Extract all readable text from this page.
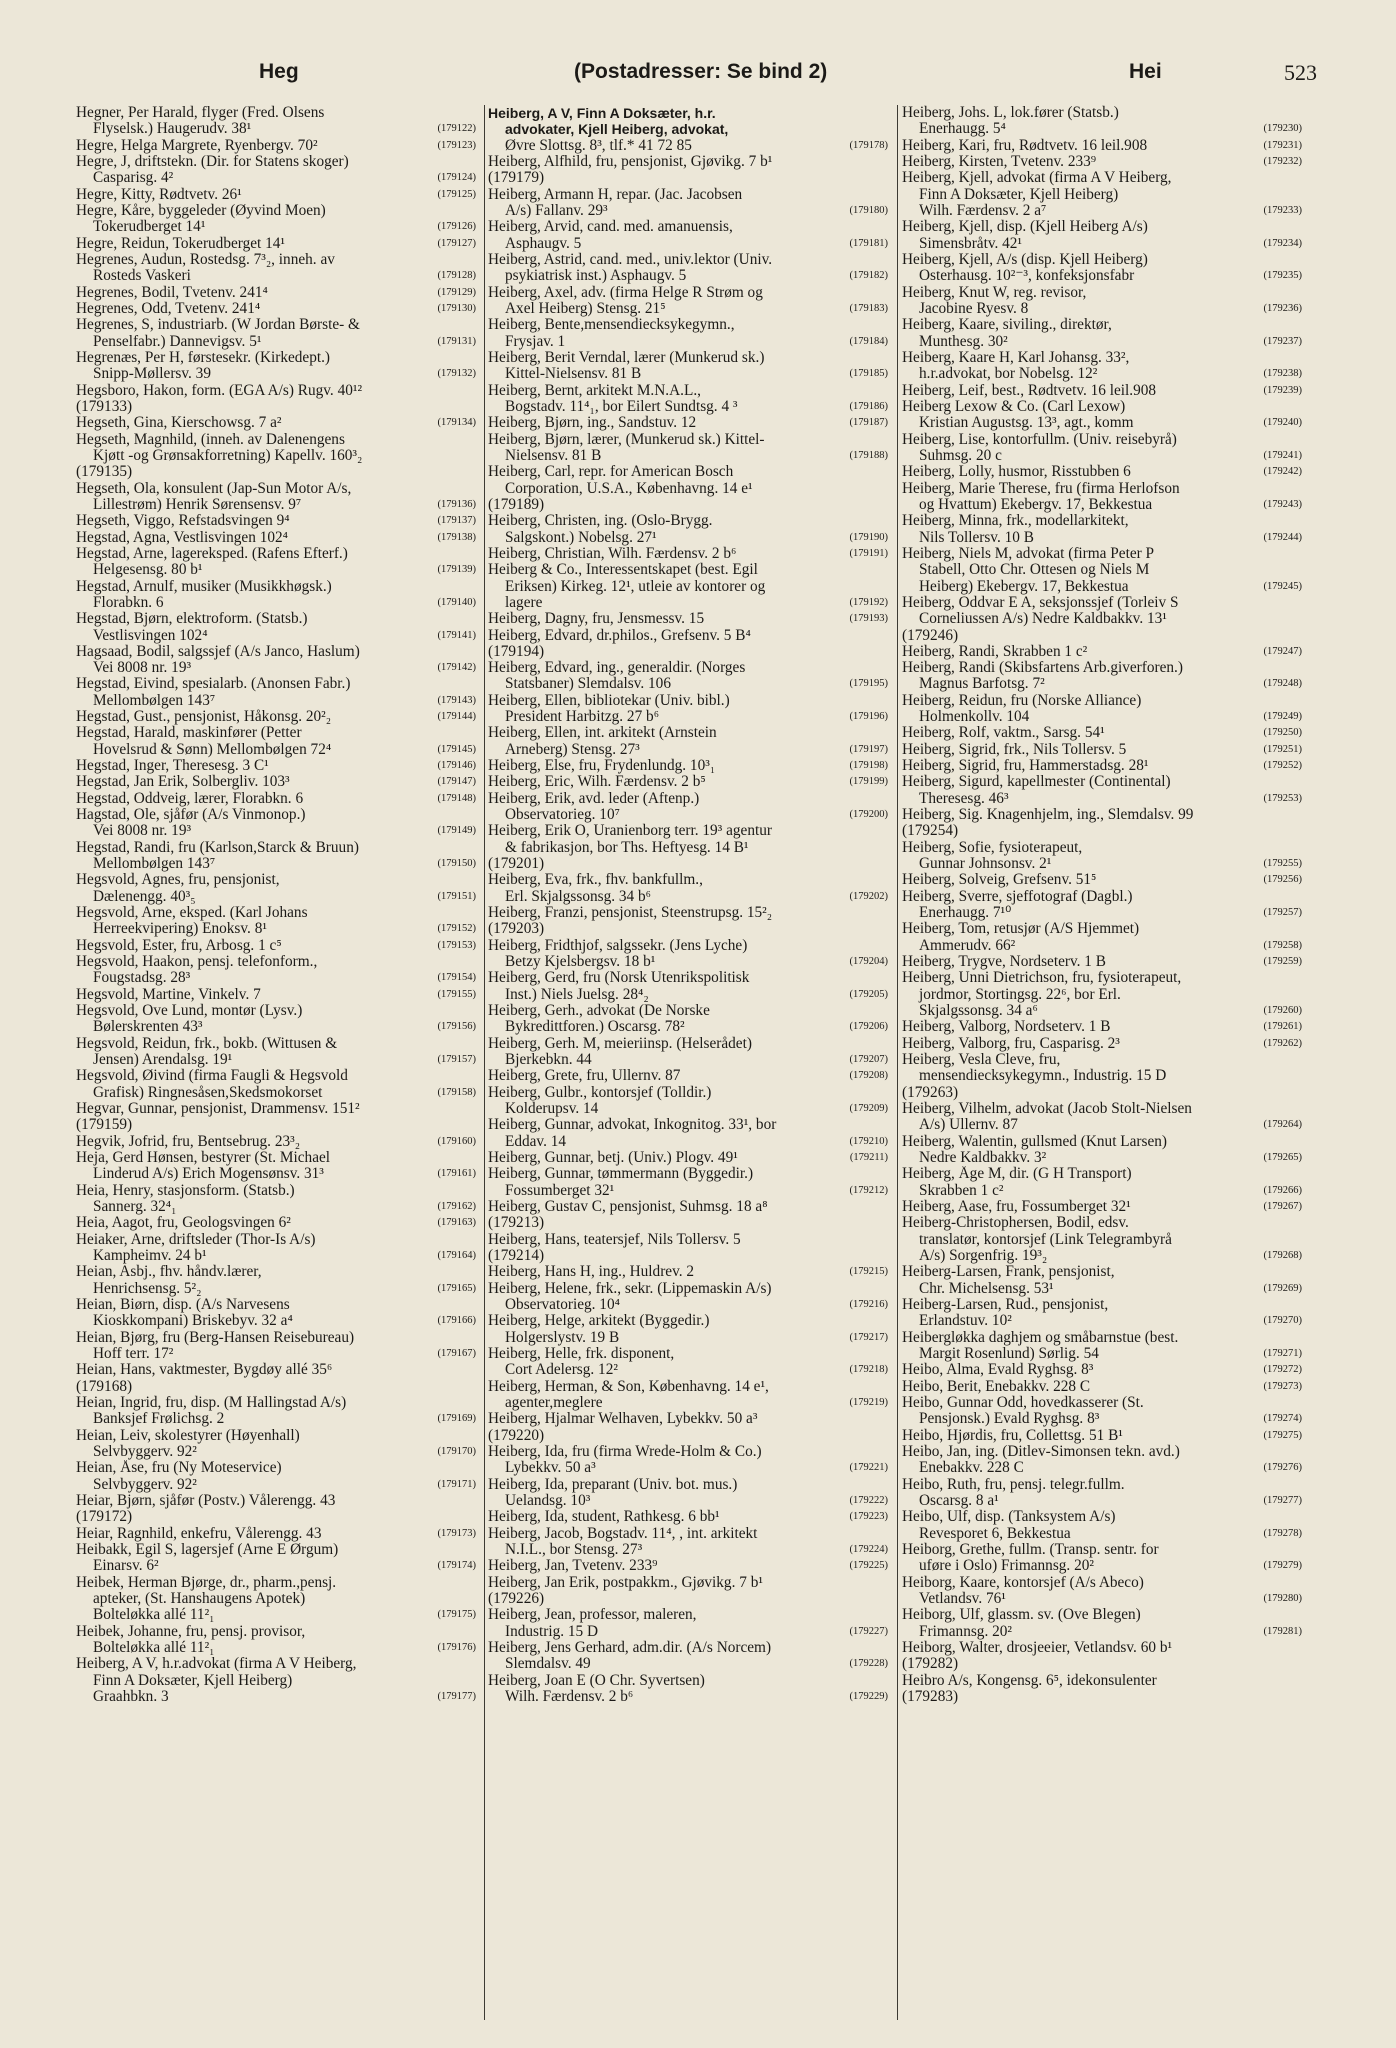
Heg	(Postadresser: Se bind 2)	Hei	523
Hegner, Per Harald, flyger (Fred. Olsens
Flyselsk.) Haugerudv. 38¹	(179122)
Hegre, Helga Margrete, Ryenbergv. 70²	(179123)
Hegre, J, driftstekn. (Dir. for Statens skoger)
Casparisg. 4²	(179124)
Hegre, Kitty, Rødtvetv. 26¹	(179125)
Hegre, Kåre, byggeleder (Øyvind Moen)
Tokerudberget 14¹	(179126)
Hegre, Reidun, Tokerudberget 14¹	(179127)
Hegrenes, Audun, Rostedsg. 7³₂, inneh. av
Rosteds Vaskeri	(179128)
Hegrenes, Bodil, Tvetenv. 241⁴	(179129)
Hegrenes, Odd, Tvetenv. 241⁴	(179130)
Hegrenes, S, industriarb. (W Jordan Børste- &
Penselfabr.) Dannevigsv. 5¹	(179131)
Hegrenæs, Per H, førstesekr. (Kirkedept.)
Snipp-Møllersv. 39	(179132)
Hegsboro, Hakon, form. (EGA A/s) Rugv. 40¹²
(179133)
Hegseth, Gina, Kierschowsg. 7 a²	(179134)
Hegseth, Magnhild, (inneh. av Dalenengens
Kjøtt -og Grønsakforretning) Kapellv. 160³₂
(179135)
Hegseth, Ola, konsulent (Jap-Sun Motor A/s,
Lillestrøm) Henrik Sørensensv. 9⁷	(179136)
Hegseth, Viggo, Refstadsvingen 9⁴	(179137)
Hegstad, Agna, Vestlisvingen 102⁴	(179138)
Hegstad, Arne, lagereksped. (Rafens Efterf.)
Helgesensg. 80 b¹	(179139)
Hegstad, Arnulf, musiker (Musikkhøgsk.)
Florabkn. 6	(179140)
Hegstad, Bjørn, elektroform. (Statsb.)
Vestlisvingen 102⁴	(179141)
Hagsaad, Bodil, salgssjef (A/s Janco, Haslum)
Vei 8008 nr. 19³	(179142)
Hegstad, Eivind, spesialarb. (Anonsen Fabr.)
Mellombølgen 143⁷	(179143)
Hegstad, Gust., pensjonist, Håkonsg. 20²₂	(179144)
Hegstad, Harald, maskinfører (Petter
Hovelsrud & Sønn) Mellombølgen 72⁴	(179145)
Hegstad, Inger, Theresesg. 3 C¹	(179146)
Hegstad, Jan Erik, Solbergliv. 103³	(179147)
Hegstad, Oddveig, lærer, Florabkn. 6	(179148)
Hagstad, Ole, sjåfør (A/s Vinmonop.)
Vei 8008 nr. 19³	(179149)
Hegstad, Randi, fru (Karlson,Starck & Bruun)
Mellombølgen 143⁷	(179150)
Hegsvold, Agnes, fru, pensjonist,
Dælenengg. 40³₅	(179151)
Hegsvold, Arne, eksped. (Karl Johans
Herreekvipering) Enoksv. 8¹	(179152)
Hegsvold, Ester, fru, Arbosg. 1 c⁵	(179153)
Hegsvold, Haakon, pensj. telefonform.,
Fougstadsg. 28³	(179154)
Hegsvold, Martine, Vinkelv. 7	(179155)
Hegsvold, Ove Lund, montør (Lysv.)
Bølerskrenten 43³	(179156)
Hegsvold, Reidun, frk., bokb. (Wittusen &
Jensen) Arendalsg. 19¹	(179157)
Hegsvold, Øivind (firma Faugli & Hegsvold
Grafisk) Ringnesåsen,Skedsmokorset	(179158)
Hegvar, Gunnar, pensjonist, Drammensv. 151²
(179159)
Hegvik, Jofrid, fru, Bentsebrug. 23³₂	(179160)
Heja, Gerd Hønsen, bestyrer (St. Michael
Linderud A/s) Erich Mogensønsv. 31³	(179161)
Heia, Henry, stasjonsform. (Statsb.)
Sannerg. 32⁴₁	(179162)
Heia, Aagot, fru, Geologsvingen 6²	(179163)
Heiaker, Arne, driftsleder (Thor-Is A/s)
Kampheimv. 24 b¹	(179164)
Heian, Asbj., fhv. håndv.lærer,
Henrichsensg. 5²₂	(179165)
Heian, Biørn, disp. (A/s Narvesens
Kioskkompani) Briskebyv. 32 a⁴	(179166)
Heian, Bjørg, fru (Berg-Hansen Reisebureau)
Hoff terr. 17²	(179167)
Heian, Hans, vaktmester, Bygdøy allé 35⁶
(179168)
Heian, Ingrid, fru, disp. (M Hallingstad A/s)
Banksjef Frølichsg. 2	(179169)
Heian, Leiv, skolestyrer (Høyenhall)
Selvbyggerv. 92²	(179170)
Heian, Åse, fru (Ny Moteservice)
Selvbyggerv. 92²	(179171)
Heiar, Bjørn, sjåfør (Postv.) Vålerengg. 43
(179172)
Heiar, Ragnhild, enkefru, Vålerengg. 43	(179173)
Heibakk, Egil S, lagersjef (Arne E Ørgum)
Einarsv. 6²	(179174)
Heibek, Herman Bjørge, dr., pharm.,pensj.
apteker, (St. Hanshaugens Apotek)
Bolteløkka allé 11²₁	(179175)
Heibek, Johanne, fru, pensj. provisor,
Bolteløkka allé 11²₁	(179176)
Heiberg, A V, h.r.advokat (firma A V Heiberg,
Finn A Doksæter, Kjell Heiberg)
Graahbkn. 3	(179177)
Heiberg, A V, Finn A Doksæter, h.r.
advokater, Kjell Heiberg, advokat,
Øvre Slottsg. 8³, tlf.* 41 72 85	(179178)
Heiberg, Alfhild, fru, pensjonist, Gjøvikg. 7 b¹
(179179)
Heiberg, Armann H, repar. (Jac. Jacobsen
A/s) Fallanv. 29³	(179180)
Heiberg, Arvid, cand. med. amanuensis,
Asphaugv. 5	(179181)
Heiberg, Astrid, cand. med., univ.lektor (Univ.
psykiatrisk inst.) Asphaugv. 5	(179182)
Heiberg, Axel, adv. (firma Helge R Strøm og
Axel Heiberg) Stensg. 21⁵	(179183)
Heiberg, Bente,mensendiecksykegymn.,
Frysjav. 1	(179184)
Heiberg, Berit Verndal, lærer (Munkerud sk.)
Kittel-Nielsensv. 81 B	(179185)
Heiberg, Bernt, arkitekt M.N.A.L.,
Bogstadv. 11⁴₁, bor Eilert Sundtsg. 4 ³	(179186)
Heiberg, Bjørn, ing., Sandstuv. 12	(179187)
Heiberg, Bjørn, lærer, (Munkerud sk.) Kittel-
Nielsensv. 81 B	(179188)
Heiberg, Carl, repr. for American Bosch
Corporation, U.S.A., Københavng. 14 e¹
(179189)
Heiberg, Christen, ing. (Oslo-Brygg.
Salgskont.) Nobelsg. 27¹	(179190)
Heiberg, Christian, Wilh. Færdensv. 2 b⁶	(179191)
Heiberg & Co., Interessentskapet (best. Egil
Eriksen) Kirkeg. 12¹, utleie av kontorer og
lagere	(179192)
Heiberg, Dagny, fru, Jensmessv. 15	(179193)
Heiberg, Edvard, dr.philos., Grefsenv. 5 B⁴
(179194)
Heiberg, Edvard, ing., generaldir. (Norges
Statsbaner) Slemdalsv. 106	(179195)
Heiberg, Ellen, bibliotekar (Univ. bibl.)
President Harbitzg. 27 b⁶	(179196)
Heiberg, Ellen, int. arkitekt (Arnstein
Arneberg) Stensg. 27³	(179197)
Heiberg, Else, fru, Frydenlundg. 10³₁	(179198)
Heiberg, Eric, Wilh. Færdensv. 2 b⁵	(179199)
Heiberg, Erik, avd. leder (Aftenp.)
Observatorieg. 10⁷	(179200)
Heiberg, Erik O, Uranienborg terr. 19³ agentur
& fabrikasjon, bor Ths. Heftyesg. 14 B¹
(179201)
Heiberg, Eva, frk., fhv. bankfullm.,
Erl. Skjalgssonsg. 34 b⁶	(179202)
Heiberg, Franzi, pensjonist, Steenstrupsg. 15²₂
(179203)
Heiberg, Fridthjof, salgssekr. (Jens Lyche)
Betzy Kjelsbergsv. 18 b¹	(179204)
Heiberg, Gerd, fru (Norsk Utenrikspolitisk
Inst.) Niels Juelsg. 28⁴₂	(179205)
Heiberg, Gerh., advokat (De Norske
Bykredittforen.) Oscarsg. 78²	(179206)
Heiberg, Gerh. M, meieriinsp. (Helserådet)
Bjerkebkn. 44	(179207)
Heiberg, Grete, fru, Ullernv. 87	(179208)
Heiberg, Gulbr., kontorsjef (Tolldir.)
Kolderupsv. 14	(179209)
Heiberg, Gunnar, advokat, Inkognitog. 33¹, bor
Eddav. 14	(179210)
Heiberg, Gunnar, betj. (Univ.) Plogv. 49¹	(179211)
Heiberg, Gunnar, tømmermann (Byggedir.)
Fossumberget 32¹	(179212)
Heiberg, Gustav C, pensjonist, Suhmsg. 18 a⁸
(179213)
Heiberg, Hans, teatersjef, Nils Tollersv. 5
(179214)
Heiberg, Hans H, ing., Huldrev. 2	(179215)
Heiberg, Helene, frk., sekr. (Lippemaskin A/s)
Observatorieg. 10⁴	(179216)
Heiberg, Helge, arkitekt (Byggedir.)
Holgerslystv. 19 B	(179217)
Heiberg, Helle, frk. disponent,
Cort Adelersg. 12²	(179218)
Heiberg, Herman, & Son, Københavng. 14 e¹,
agenter,meglere	(179219)
Heiberg, Hjalmar Welhaven, Lybekkv. 50 a³
(179220)
Heiberg, Ida, fru (firma Wrede-Holm & Co.)
Lybekkv. 50 a³	(179221)
Heiberg, Ida, preparant (Univ. bot. mus.)
Uelandsg. 10³	(179222)
Heiberg, Ida, student, Rathkesg. 6 bb¹	(179223)
Heiberg, Jacob, Bogstadv. 11⁴, , int. arkitekt
N.I.L., bor Stensg. 27³	(179224)
Heiberg, Jan, Tvetenv. 233⁹	(179225)
Heiberg, Jan Erik, postpakkm., Gjøvikg. 7 b¹
(179226)
Heiberg, Jean, professor, maleren,
Industrig. 15 D	(179227)
Heiberg, Jens Gerhard, adm.dir. (A/s Norcem)
Slemdalsv. 49	(179228)
Heiberg, Joan E (O Chr. Syvertsen)
Wilh. Færdensv. 2 b⁶	(179229)
Heiberg, Johs. L, lok.fører (Statsb.)
Enerhaugg. 5⁴	(179230)
Heiberg, Kari, fru, Rødtvetv. 16 leil.908	(179231)
Heiberg, Kirsten, Tvetenv. 233⁹	(179232)
Heiberg, Kjell, advokat (firma A V Heiberg,
Finn A Doksæter, Kjell Heiberg)
Wilh. Færdensv. 2 a⁷	(179233)
Heiberg, Kjell, disp. (Kjell Heiberg A/s)
Simensbråtv. 42¹	(179234)
Heiberg, Kjell, A/s (disp. Kjell Heiberg)
Osterhausg. 10²⁻³, konfeksjonsfabr	(179235)
Heiberg, Knut W, reg. revisor,
Jacobine Ryesv. 8	(179236)
Heiberg, Kaare, siviling., direktør,
Munthesg. 30²	(179237)
Heiberg, Kaare H, Karl Johansg. 33²,
h.r.advokat, bor Nobelsg. 12²	(179238)
Heiberg, Leif, best., Rødtvetv. 16 leil.908	(179239)
Heiberg Lexow & Co. (Carl Lexow)
Kristian Augustsg. 13³, agt., komm	(179240)
Heiberg, Lise, kontorfullm. (Univ. reisebyrå)
Suhmsg. 20 c	(179241)
Heiberg, Lolly, husmor, Risstubben 6	(179242)
Heiberg, Marie Therese, fru (firma Herlofson
og Hvattum) Ekebergv. 17, Bekkestua	(179243)
Heiberg, Minna, frk., modellarkitekt,
Nils Tollersv. 10 B	(179244)
Heiberg, Niels M, advokat (firma Peter P
Stabell, Otto Chr. Ottesen og Niels M
Heiberg) Ekebergv. 17, Bekkestua	(179245)
Heiberg, Oddvar E A, seksjonssjef (Torleiv S
Corneliussen A/s) Nedre Kaldbakkv. 13¹
(179246)
Heiberg, Randi, Skrabben 1 c²	(179247)
Heiberg, Randi (Skibsfartens Arb.giverforen.)
Magnus Barfotsg. 7²	(179248)
Heiberg, Reidun, fru (Norske Alliance)
Holmenkollv. 104	(179249)
Heiberg, Rolf, vaktm., Sarsg. 54¹	(179250)
Heiberg, Sigrid, frk., Nils Tollersv. 5	(179251)
Heiberg, Sigrid, fru, Hammerstadsg. 28¹	(179252)
Heiberg, Sigurd, kapellmester (Continental)
Theresesg. 46³	(179253)
Heiberg, Sig. Knagenhjelm, ing., Slemdalsv. 99
(179254)
Heiberg, Sofie, fysioterapeut,
Gunnar Johnsonsv. 2¹	(179255)
Heiberg, Solveig, Grefsenv. 51⁵	(179256)
Heiberg, Sverre, sjeffotograf (Dagbl.)
Enerhaugg. 7¹⁰	(179257)
Heiberg, Tom, retusjør (A/S Hjemmet)
Ammerudv. 66²	(179258)
Heiberg, Trygve, Nordseterv. 1 B	(179259)
Heiberg, Unni Dietrichson, fru, fysioterapeut,
jordmor, Stortingsg. 22⁶, bor Erl.
Skjalgssonsg. 34 a⁶	(179260)
Heiberg, Valborg, Nordseterv. 1 B	(179261)
Heiberg, Valborg, fru, Casparisg. 2³	(179262)
Heiberg, Vesla Cleve, fru,
mensendiecksykegymn., Industrig. 15 D
(179263)
Heiberg, Vilhelm, advokat (Jacob Stolt-Nielsen
A/s) Ullernv. 87	(179264)
Heiberg, Walentin, gullsmed (Knut Larsen)
Nedre Kaldbakkv. 3²	(179265)
Heiberg, Åge M, dir. (G H Transport)
Skrabben 1 c²	(179266)
Heiberg, Aase, fru, Fossumberget 32¹	(179267)
Heiberg-Christophersen, Bodil, edsv.
translatør, kontorsjef (Link Telegrambyrå
A/s) Sorgenfrig. 19³₂	(179268)
Heiberg-Larsen, Frank, pensjonist,
Chr. Michelsensg. 53¹	(179269)
Heiberg-Larsen, Rud., pensjonist,
Erlandstuv. 10²	(179270)
Heibergløkka daghjem og småbarnstue (best.
Margit Rosenlund) Sørlig. 54	(179271)
Heibo, Alma, Evald Ryghsg. 8³	(179272)
Heibo, Berit, Enebakkv. 228 C	(179273)
Heibo, Gunnar Odd, hovedkasserer (St.
Pensjonsk.) Evald Ryghsg. 8³	(179274)
Heibo, Hjørdis, fru, Collettsg. 51 B¹	(179275)
Heibo, Jan, ing. (Ditlev-Simonsen tekn. avd.)
Enebakkv. 228 C	(179276)
Heibo, Ruth, fru, pensj. telegr.fullm.
Oscarsg. 8 a¹	(179277)
Heibo, Ulf, disp. (Tanksystem A/s)
Revesporet 6, Bekkestua	(179278)
Heiborg, Grethe, fullm. (Transp. sentr. for
uføre i Oslo) Frimannsg. 20²	(179279)
Heiborg, Kaare, kontorsjef (A/s Abeco)
Vetlandsv. 76¹	(179280)
Heiborg, Ulf, glassm. sv. (Ove Blegen)
Frimannsg. 20²	(179281)
Heiborg, Walter, drosjeeier, Vetlandsv. 60 b¹
(179282)
Heibro A/s, Kongensg. 6⁵, idekonsulenter
(179283)
